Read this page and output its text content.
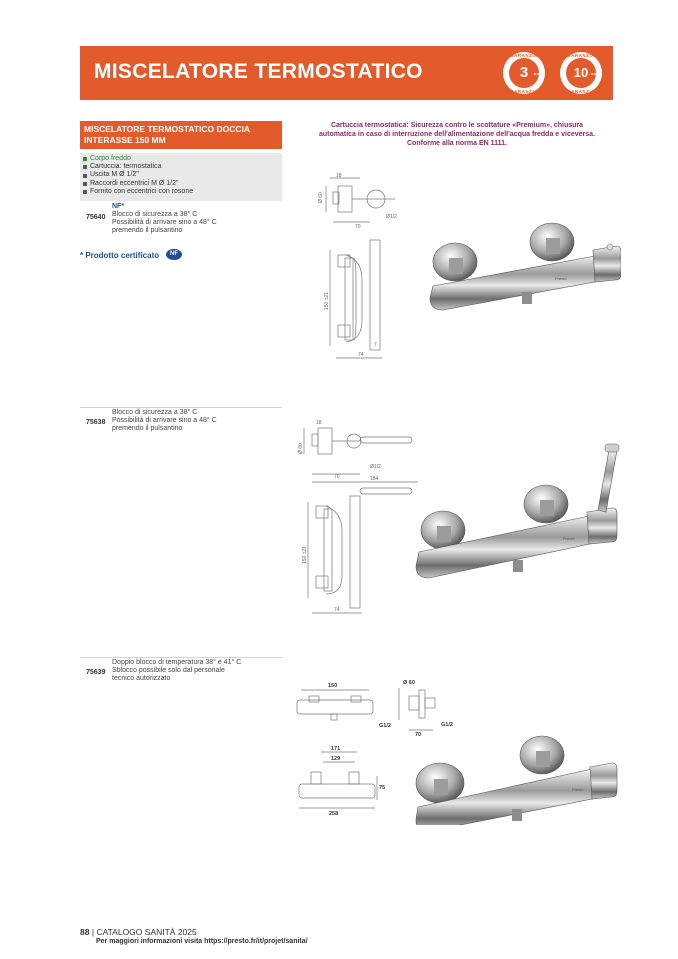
MISCELATORE TERMOSTATICO
GARANZIA
3
GARANZIA
ans
GARANZIA
10
GARANZIA
ans
MISCELATORE TERMOSTATICO DOCCIA
INTERASSE 150 MM
Corpo freddo
Cartuccia: termostatica
Uscita M Ø 1/2"
Raccordi eccentrici M Ø 1/2"
Fornito con eccentrici con rosone
Cartuccia termostatica: Sicurezza contro le scottature «Premium», chiusura
automatica in caso di interruzione dell'alimentazione dell'acqua fredda e viceversa.
Conforme alla norma EN 1111.
NF*
75640 Blocco di sicurezza a 38° C
Possibilità di arrivare sino a 48° C
premendo il pulsantino
* Prodotto certificato	NF
75638
Blocco di sicurezza a 38° C
Possibilità di arrivare sino a 48° C
premendo il pulsantino
75639
Doppio blocco di temperatura 38° e 41° C
Sblocco possibile solo dal personale
tecnico autorizzato
18
Ø 60
Ø1/2
70
150 ±21
74
7
Presto
18
Ø 60
Ø1/2
70	184
150 ±21
74
Presto
150	Ø 60
G1/2	G1/2
70
171
129
75
258
Presto
88 | CATALOGO SANITÀ 2025
Per maggiori informazioni visita https://presto.fr/it/projet/sanita/
